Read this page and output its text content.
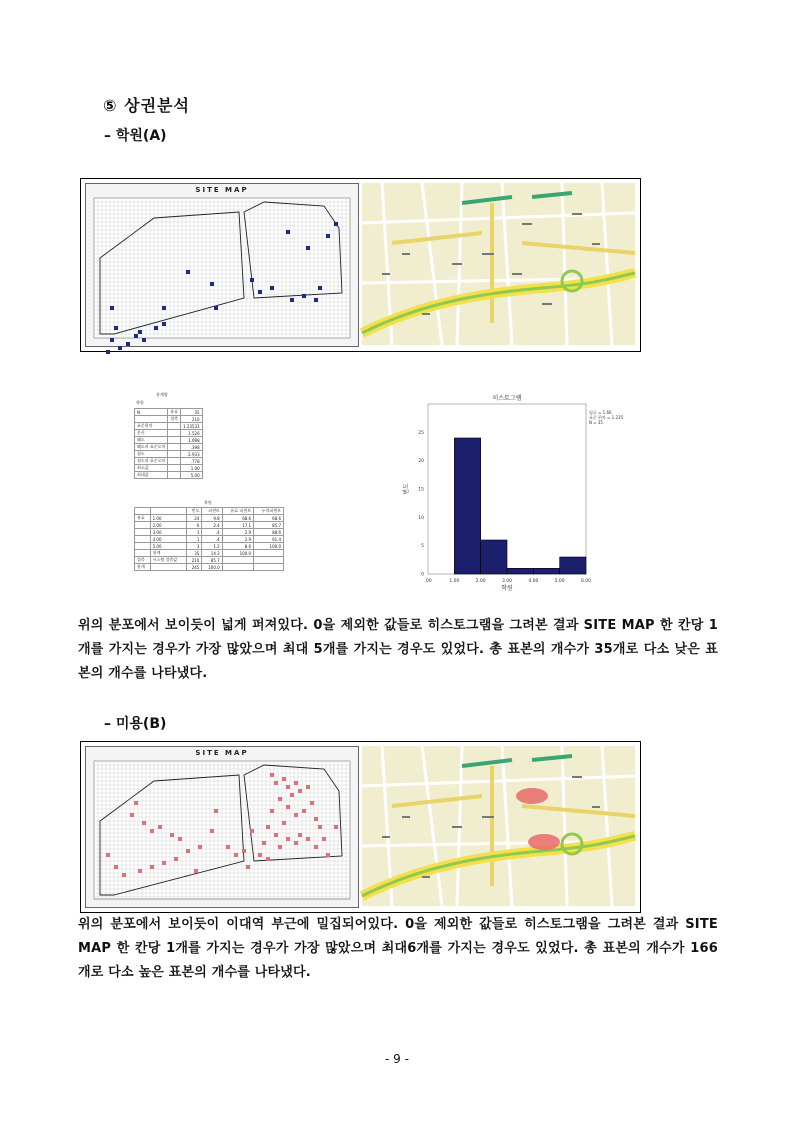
⑤ 상권분석
– 학원(A)
SITE MAP
통계량
학원
N	유효	35
	결측	210
표준편차		1.23533
분산		1.526
왜도		1.698
왜도의 표준오차		.398
첨도		2.933
첨도의 표준오차		.778
최소값		1.00
최대값		5.00
학원
		빈도	퍼센트	유효 퍼센트	누적퍼센트
유효	1.00	24	9.8	68.6	68.6
	2.00	6	2.4	17.1	85.7
	3.00	1	.4	2.9	88.6
	4.00	1	.4	2.9	91.4
	5.00	3	1.2	8.6	100.0
	합계	35	14.3	100.0	
결측	시스템 결측값	210	85.7		
합계		245	100.0		
히스토그램
0
5
10
15
20
25
.00	1.00	2.00	3.00	4.00	5.00	6.00
학원
빈도
평균 = 1.66
표준 편차 = 1.235
N = 35
위의 분포에서 보이듯이 넓게 퍼져있다. 0을 제외한 값들로 히스토그램을 그려본 결과 SITE MAP 한 칸당 1개를 가지는 경우가 가장 많았으며 최대 5개를 가지는 경우도 있었다. 총 표본의 개수가 35개로 다소 낮은 표본의 개수를 나타냈다.
– 미용(B)
SITE MAP
위의 분포에서 보이듯이 이대역 부근에 밀집되어있다. 0을 제외한 값들로 히스토그램을 그려본 결과 SITE MAP 한 칸당 1개를 가지는 경우가 가장 많았으며 최대6개를 가지는 경우도 있었다. 총 표본의 개수가 166개로 다소 높은 표본의 개수를 나타냈다.
- 9 -
